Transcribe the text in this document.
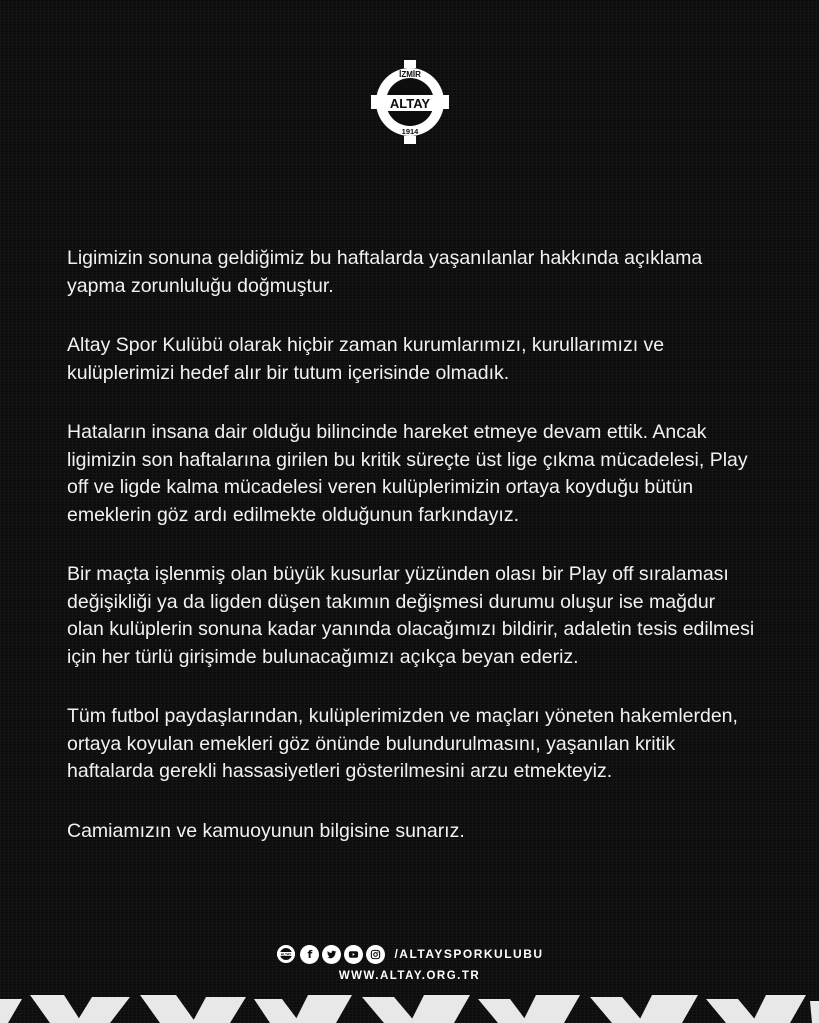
İZMİR
ALTAY
1914

Ligimizin sonuna geldiğimiz bu haftalarda yaşanılanlar hakkında açıklama yapma zorunluluğu doğmuştur.

Altay Spor Kulübü olarak hiçbir zaman kurumlarımızı, kurullarımızı ve kulüplerimizi hedef alır bir tutum içerisinde olmadık.

Hataların insana dair olduğu bilincinde hareket etmeye devam ettik. Ancak ligimizin son haftalarına girilen bu kritik süreçte üst lige çıkma mücadelesi, Play off ve ligde kalma mücadelesi veren kulüplerimizin ortaya koyduğu bütün emeklerin göz ardı edilmekte olduğunun farkındayız.

Bir maçta işlenmiş olan büyük kusurlar yüzünden olası bir Play off sıralaması değişikliği ya da ligden düşen takımın değişmesi durumu oluşur ise mağdur olan kulüplerin sonuna kadar yanında olacağımızı bildirir, adaletin tesis edilmesi için her türlü girişimde bulunacağımızı açıkça beyan ederiz.

Tüm futbol paydaşlarından, kulüplerimizden ve maçları yöneten hakemlerden, ortaya koyulan emekleri göz önünde bulundurulmasını, yaşanılan kritik haftalarda gerekli hassasiyetleri gösterilmesini arzu etmekteyiz.

Camiamızın ve kamuoyunun bilgisine sunarız.

ALTAY	f	/ALTAYSPORKULUBU
WWW.ALTAY.ORG.TR
